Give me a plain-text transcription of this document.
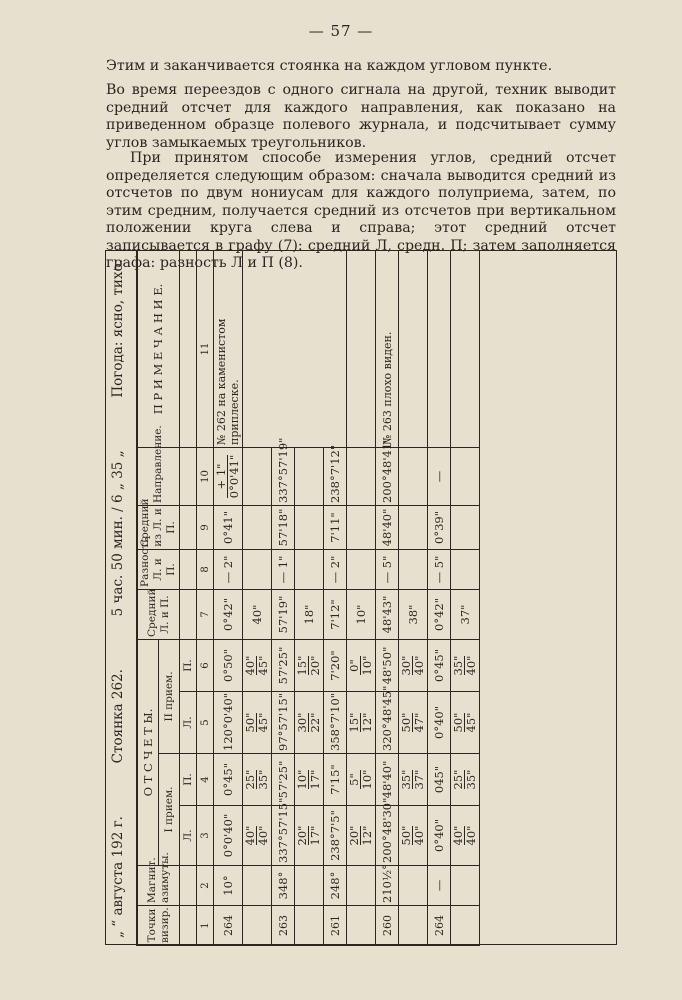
— 57 —
Этим и заканчивается стоянка на каждом угловом пункте.
Во время переездов с одного сигнала на другой, техник выводит средний отсчет для каждого направления, как показано на приведенном образце полевого журнала, и подсчитывает сумму углов замыкаемых треугольников.
При принятом способе измерения углов, средний отсчет определяется следующим образом: сначала выводится средний из отсчетов по двум нониусам для каждого полуприема, затем, по этим средним, получается средний из отсчетов при вертикальном положении круга слева и справа; этот средний отсчет записывается в графу (7): средний Л, средн. П; затем заполняется графа: разность Л и П (8).
„ “ августа 192 г.
Стоянка 262.
5 час. 50 мин. / 6 „ 35 „
Погода: ясно, тихо.
Точки визир.	Магнит. азимуты.	О Т С Ч Е Т Ы.				Средний Л. и П.	Разность Л. и П.	Средний из Л. и П.	Направление.	П Р И М Е Ч А Н И Е.
		I прием.		II прием.						
		Л.	П.	Л.	П.					
1	2	3	4	5	6	7	8	9	10	11
264	10°	0°0'40"	0°45"	120°0'40"	0°50"	0°42"	— 2"	0°41"	+ 1" 0°0'41"	№ 262 на каменистом приплеске.

		40" 40"	25" 35"	50" 45"	40" 45"	40"				
263	348°	337°57'15"	57'25"	97°57'15"	57'25"	57'19"	— 1"	57'18"	337°57'19"	

		20" 17"	10" 17"	30" 22"	15" 20"	18"				
261	248°	238°7'5"	7'15"	358°7'10"	7'20"	7'12"	— 2"	7'11"	238°7'12"	

		20" 12"	5" 10"	15" 12"	0" 10"	10"				
260	210½°	200°48'30"	48'40"	320°48'45"	48'50"	48'43"	— 5"	48'40"	200°48'41"	№ 263 плохо виден.

		50" 40"	35" 37"	50" 47"	30" 40"	38"				
264	—	0°40"	045"	0°40"	0°45"	0°42"	— 5"	0°39"	—	

		40" 40"	25" 35"	50" 45"	35" 40"	37"				
